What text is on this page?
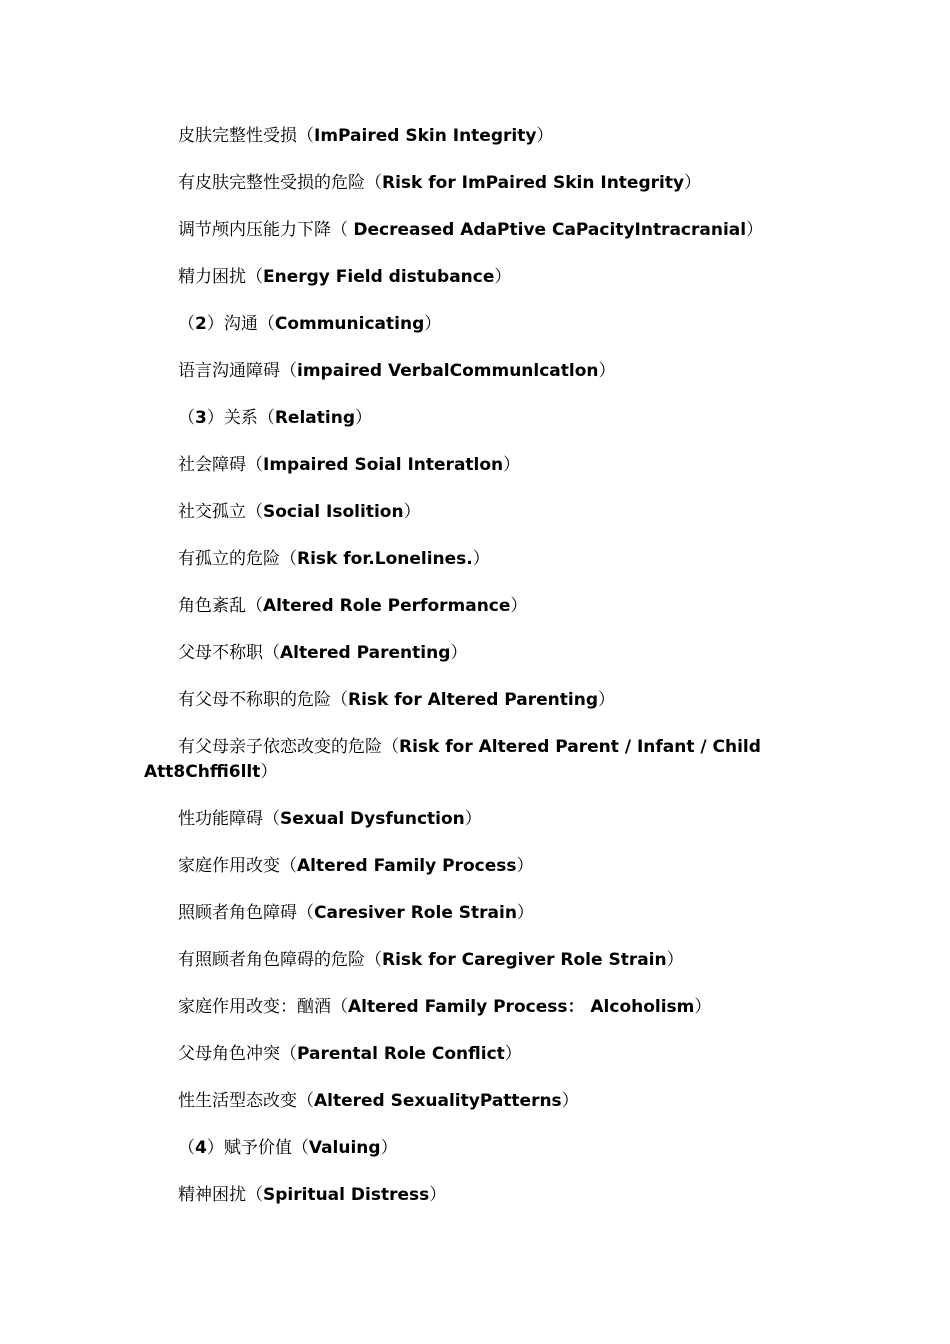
皮肤完整性受损（ImPaired Skin Integrity）

有皮肤完整性受损的危险（Risk for ImPaired Skin Integrity）

调节颅内压能力下降（ Decreased AdaPtive CaPacityIntracranial）

精力困扰（Energy Field distubance）

（2）沟通（Communicating）

语言沟通障碍（impaired VerbalCommunlcatlon）

（3）关系（Relating）

社会障碍（Impaired Soial Interatlon）

社交孤立（Social Isolition）

有孤立的危险（Risk for.Lonelines.）

角色紊乱（Altered Role Performance）

父母不称职（Altered Parenting）

有父母不称职的危险（Risk for Altered Parenting）

有父母亲子依恋改变的危险（Risk for Altered Parent / Infant / Child Att8Chffi6llt）

性功能障碍（Sexual Dysfunction）

家庭作用改变（Altered Family Process）

照顾者角色障碍（Caresiver Role Strain）

有照顾者角色障碍的危险（Risk for Caregiver Role Strain）

家庭作用改变：酗酒（Altered Family Process： Alcoholism）

父母角色冲突（Parental Role Conflict）

性生活型态改变（Altered SexualityPatterns）

（4）赋予价值（Valuing）

精神困扰（Spiritual Distress）
